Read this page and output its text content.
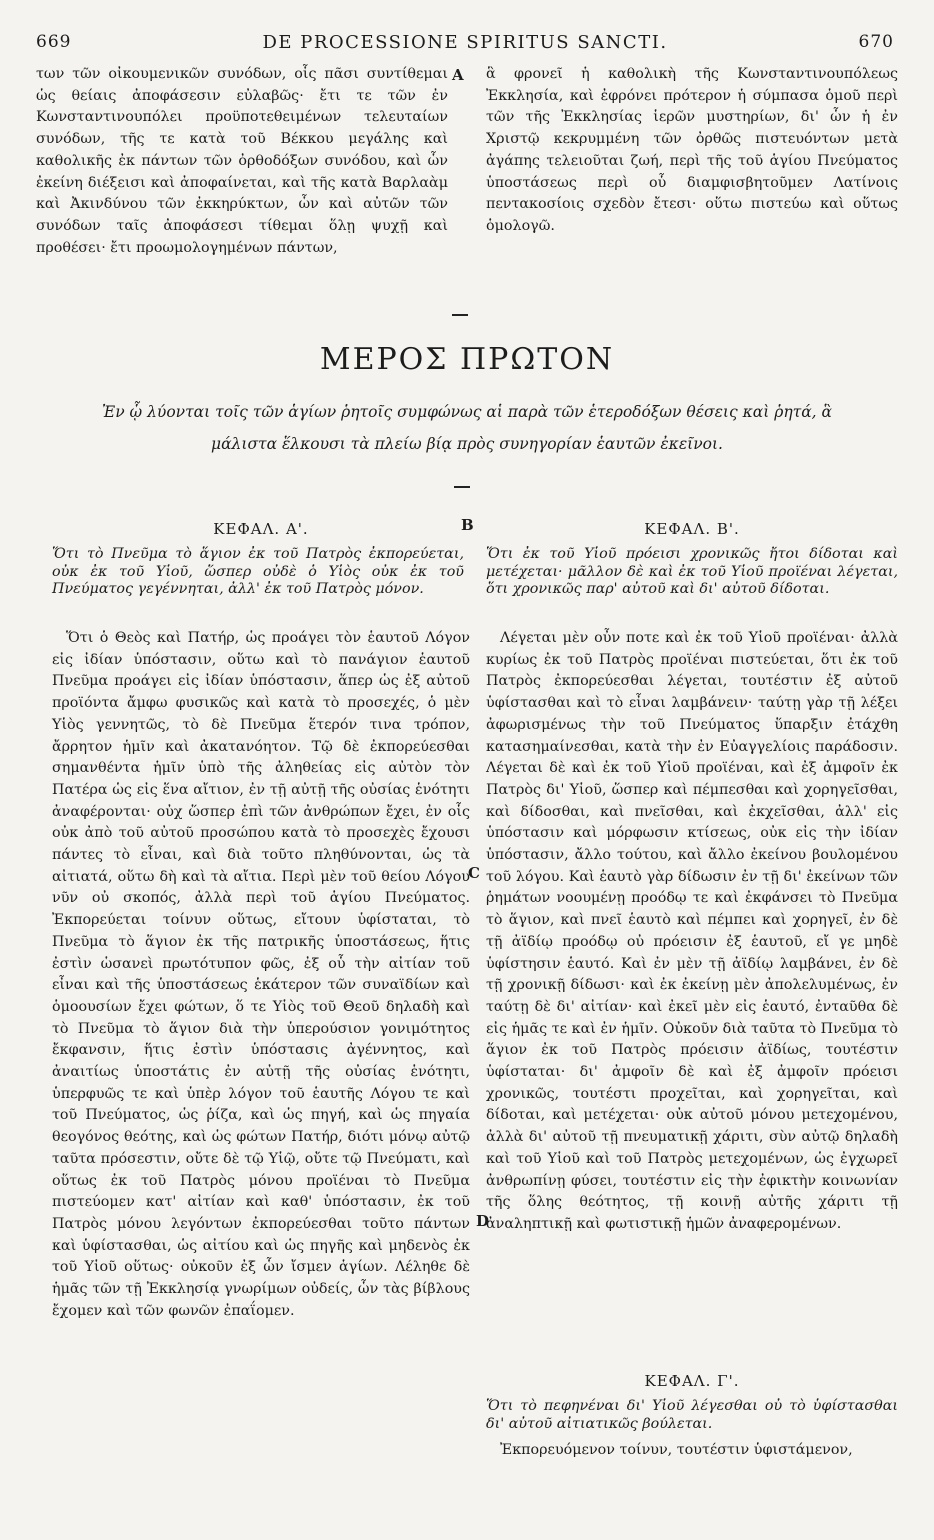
669	DE PROCESSIONE SPIRITUS SANCTI.	670

των τῶν οἰκουμενικῶν συνόδων, οἷς πᾶσι συντίθεμαι ὡς θείαις ἀποφάσεσιν εὐλαβῶς· ἔτι τε τῶν ἐν Κωνσταντινουπόλει προϋποτεθειμένων τελευταίων συνόδων, τῆς τε κατὰ τοῦ Βέκκου μεγάλης καὶ καθολικῆς ἐκ πάντων τῶν ὀρθοδόξων συνόδου, καὶ ὧν ἐκείνη διέξεισι καὶ ἀποφαίνεται, καὶ τῆς κατὰ Βαρλαὰμ καὶ Ἀκινδύνου τῶν ἐκκηρύκτων, ὧν καὶ αὐτῶν τῶν συνόδων ταῖς ἀποφάσεσι τίθεμαι ὅλῃ ψυχῇ καὶ προθέσει· ἔτι προωμολογημένων πάντων,

A ἃ φρονεῖ ἡ καθολικὴ τῆς Κωνσταντινουπόλεως Ἐκκλησία, καὶ ἐφρόνει πρότερον ἡ σύμπασα ὁμοῦ περὶ τῶν τῆς Ἐκκλησίας ἱερῶν μυστηρίων, δι' ὧν ἡ ἐν Χριστῷ κεκρυμμένη τῶν ὀρθῶς πιστευόντων μετὰ ἀγάπης τελειοῦται ζωή, περὶ τῆς τοῦ ἁγίου Πνεύματος ὑποστάσεως περὶ οὗ διαμφισβητοῦμεν Λατίνοις πεντακοσίοις σχεδὸν ἔτεσι· οὕτω πιστεύω καὶ οὕτως ὁμολογῶ.

ΜΕΡΟΣ ΠΡΩΤΟΝ
Ἐν ᾧ λύονται τοῖς τῶν ἁγίων ῥητοῖς συμφώνως αἱ παρὰ τῶν ἑτεροδόξων θέσεις καὶ ῥητά, ἃ μάλιστα ἕλκουσι τὰ πλείω βίᾳ πρὸς συνηγορίαν ἑαυτῶν ἐκεῖνοι.
B
ΚΕΦΑΛ. Α'.
Ὅτι τὸ Πνεῦμα τὸ ἅγιον ἐκ τοῦ Πατρὸς ἐκπορεύεται, οὐκ ἐκ τοῦ Υἱοῦ, ὥσπερ οὐδὲ ὁ Υἱὸς οὐκ ἐκ τοῦ Πνεύματος γεγέννηται, ἀλλ' ἐκ τοῦ Πατρὸς μόνον.

Ὅτι ὁ Θεὸς καὶ Πατήρ, ὡς προάγει τὸν ἑαυτοῦ Λόγον εἰς ἰδίαν ὑπόστασιν, οὕτω καὶ τὸ πανάγιον ἑαυτοῦ Πνεῦμα προάγει εἰς ἰδίαν ὑπόστασιν, ἅπερ ὡς ἐξ αὐτοῦ προϊόντα ἄμφω φυσικῶς καὶ κατὰ τὸ προσεχές, ὁ μὲν Υἱὸς γεννητῶς, τὸ δὲ Πνεῦμα ἕτερόν τινα τρόπον, ἄρρητον ἡμῖν καὶ ἀκατανόητον. Τῷ δὲ ἐκπορεύεσθαι σημανθέντα ἡμῖν ὑπὸ τῆς ἀληθείας εἰς αὐτὸν τὸν Πατέρα ὡς εἰς ἕνα αἴτιον, ἐν τῇ αὐτῇ τῆς οὐσίας ἑνότητι ἀναφέρονται· οὐχ ὥσπερ ἐπὶ τῶν ἀνθρώπων ἔχει, ἐν οἷς οὐκ ἀπὸ τοῦ αὐτοῦ προσώπου κατὰ τὸ προσεχὲς ἔχουσι πάντες τὸ εἶναι, καὶ διὰ τοῦτο πληθύνονται, ὡς τὰ αἰτιατά, οὕτω δὴ καὶ τὰ αἴτια. Περὶ μὲν τοῦ θείου Λόγου νῦν οὐ σκοπός, ἀλλὰ περὶ τοῦ ἁγίου Πνεύματος. Ἐκπορεύεται τοίνυν οὕτως, εἴτουν ὑφίσταται, τὸ Πνεῦμα τὸ ἅγιον ἐκ τῆς πατρικῆς ὑποστάσεως, ἥτις ἐστὶν ὡσανεὶ πρωτότυπον φῶς, ἐξ οὗ τὴν αἰτίαν τοῦ εἶναι καὶ τῆς ὑποστάσεως ἑκάτερον τῶν συναϊδίων καὶ ὁμοουσίων ἔχει φώτων, ὅ τε Υἱὸς τοῦ Θεοῦ δηλαδὴ καὶ τὸ Πνεῦμα τὸ ἅγιον διὰ τὴν ὑπερούσιον γονιμότητος ἔκφανσιν, ἥτις ἐστὶν ὑπόστασις ἀγέννητος, καὶ ἀναιτίως ὑποστάτις ἐν αὐτῇ τῆς οὐσίας ἑνότητι, ὑπερφυῶς τε καὶ ὑπὲρ λόγον τοῦ ἑαυτῆς Λόγου τε καὶ τοῦ Πνεύματος, ὡς ῥίζα, καὶ ὡς πηγή, καὶ ὡς πηγαία θεογόνος θεότης, καὶ ὡς φώτων Πατήρ, διότι μόνῳ αὐτῷ ταῦτα πρόσεστιν, οὔτε δὲ τῷ Υἱῷ, οὔτε τῷ Πνεύματι, καὶ οὕτως ἐκ τοῦ Πατρὸς μόνου προϊέναι τὸ Πνεῦμα πιστεύομεν κατ' αἰτίαν καὶ καθ' ὑπόστασιν, ἐκ τοῦ Πατρὸς μόνου λεγόντων ἐκπορεύεσθαι τοῦτο πάντων καὶ ὑφίστασθαι, ὡς αἰτίου καὶ ὡς πηγῆς καὶ μηδενὸς ἐκ τοῦ Υἱοῦ οὕτως· οὐκοῦν ἐξ ὧν ἴσμεν ἁγίων. Λέληθε δὲ ἡμᾶς τῶν τῇ Ἐκκλησίᾳ γνωρίμων οὐδείς, ὧν τὰς βίβλους ἔχομεν καὶ τῶν φωνῶν ἐπαΐομεν.

C
D
ΚΕΦΑΛ. Β'.
Ὅτι ἐκ τοῦ Υἱοῦ πρόεισι χρονικῶς ἤτοι δίδοται καὶ μετέχεται· μᾶλλον δὲ καὶ ἐκ τοῦ Υἱοῦ προϊέναι λέγεται, ὅτι χρονικῶς παρ' αὐτοῦ καὶ δι' αὐτοῦ δίδοται.

Λέγεται μὲν οὖν ποτε καὶ ἐκ τοῦ Υἱοῦ προϊέναι· ἀλλὰ κυρίως ἐκ τοῦ Πατρὸς προϊέναι πιστεύεται, ὅτι ἐκ τοῦ Πατρὸς ἐκπορεύεσθαι λέγεται, τουτέστιν ἐξ αὐτοῦ ὑφίστασθαι καὶ τὸ εἶναι λαμβάνειν· ταύτῃ γὰρ τῇ λέξει ἀφωρισμένως τὴν τοῦ Πνεύματος ὕπαρξιν ἐτάχθη κατασημαίνεσθαι, κατὰ τὴν ἐν Εὐαγγελίοις παράδοσιν. Λέγεται δὲ καὶ ἐκ τοῦ Υἱοῦ προϊέναι, καὶ ἐξ ἀμφοῖν ἐκ Πατρὸς δι' Υἱοῦ, ὥσπερ καὶ πέμπεσθαι καὶ χορηγεῖσθαι, καὶ δίδοσθαι, καὶ πνεῖσθαι, καὶ ἐκχεῖσθαι, ἀλλ' εἰς ὑπόστασιν καὶ μόρφωσιν κτίσεως, οὐκ εἰς τὴν ἰδίαν ὑπόστασιν, ἄλλο τούτου, καὶ ἄλλο ἐκείνου βουλομένου τοῦ λόγου. Καὶ ἑαυτὸ γὰρ δίδωσιν ἐν τῇ δι' ἐκείνων τῶν ῥημάτων νοουμένῃ προόδῳ τε καὶ ἐκφάνσει τὸ Πνεῦμα τὸ ἅγιον, καὶ πνεῖ ἑαυτὸ καὶ πέμπει καὶ χορηγεῖ, ἐν δὲ τῇ ἀϊδίῳ προόδῳ οὐ πρόεισιν ἐξ ἑαυτοῦ, εἴ γε μηδὲ ὑφίστησιν ἑαυτό. Καὶ ἐν μὲν τῇ ἀϊδίῳ λαμβάνει, ἐν δὲ τῇ χρονικῇ δίδωσι· καὶ ἐκ ἐκείνῃ μὲν ἀπολελυμένως, ἐν ταύτῃ δὲ δι' αἰτίαν· καὶ ἐκεῖ μὲν εἰς ἑαυτό, ἐνταῦθα δὲ εἰς ἡμᾶς τε καὶ ἐν ἡμῖν. Οὐκοῦν διὰ ταῦτα τὸ Πνεῦμα τὸ ἅγιον ἐκ τοῦ Πατρὸς πρόεισιν ἀϊδίως, τουτέστιν ὑφίσταται· δι' ἀμφοῖν δὲ καὶ ἐξ ἀμφοῖν πρόεισι χρονικῶς, τουτέστι προχεῖται, καὶ χορηγεῖται, καὶ δίδοται, καὶ μετέχεται· οὐκ αὐτοῦ μόνου μετεχομένου, ἀλλὰ δι' αὐτοῦ τῇ πνευματικῇ χάριτι, σὺν αὐτῷ δηλαδὴ καὶ τοῦ Υἱοῦ καὶ τοῦ Πατρὸς μετεχομένων, ὡς ἐγχωρεῖ ἀνθρωπίνῃ φύσει, τουτέστιν εἰς τὴν ἐφικτὴν κοινωνίαν τῆς ὅλης θεότητος, τῇ κοινῇ αὐτῆς χάριτι τῇ ἀναληπτικῇ καὶ φωτιστικῇ ἡμῶν ἀναφερομένων.

ΚΕΦΑΛ. Γ'.
Ὅτι τὸ πεφηνέναι δι' Υἱοῦ λέγεσθαι οὐ τὸ ὑφίστασθαι δι' αὐτοῦ αἰτιατικῶς βούλεται.

Ἐκπορευόμενον τοίνυν, τουτέστιν ὑφιστάμενον,
